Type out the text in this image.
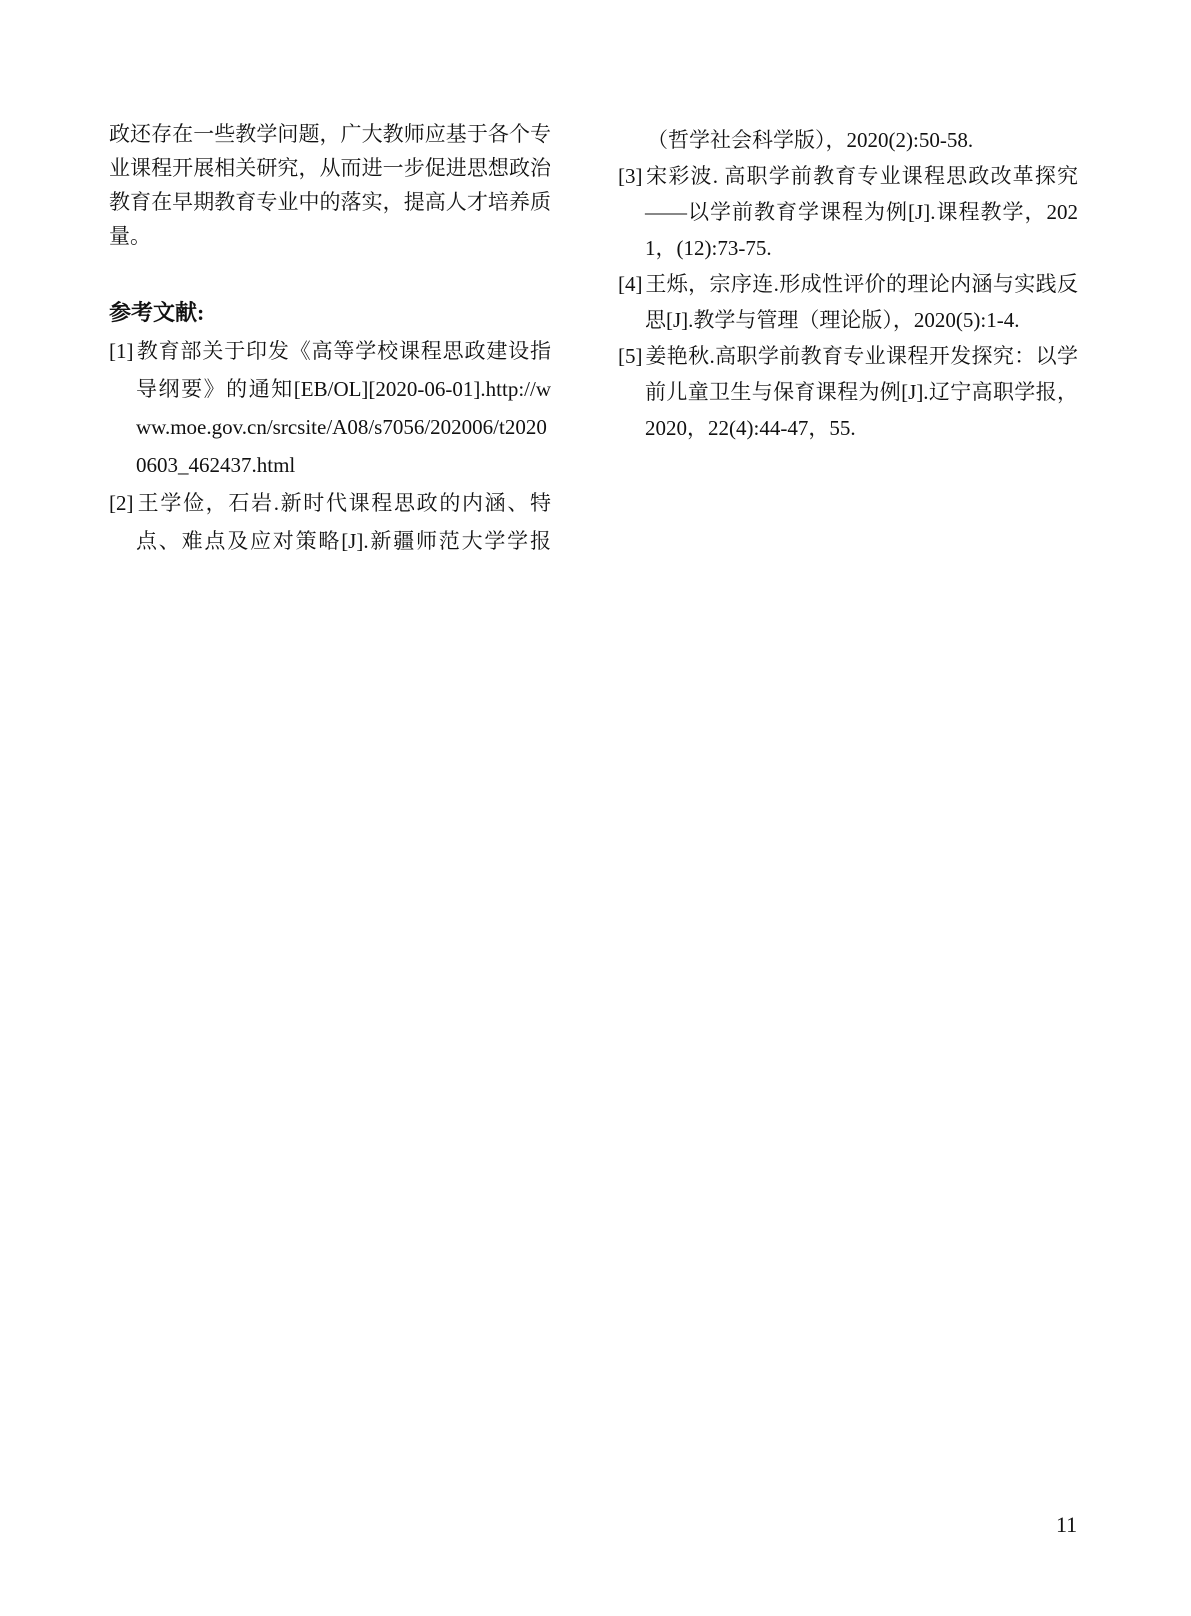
政还存在一些教学问题，广大教师应基于各个专业课程开展相关研究，从而进一步促进思想政治教育在早期教育专业中的落实，提高人才培养质量。

参考文献:

[1] 教育部关于印发《高等学校课程思政建设指导纲要》的通知[EB/OL][2020-06-01].http://www.moe.gov.cn/srcsite/A08/s7056/202006/t20200603_462437.html

[2] 王学俭，石岩.新时代课程思政的内涵、特点、难点及应对策略[J].新疆师范大学学报

（哲学社会科学版），2020(2):50-58.

[3] 宋彩波. 高职学前教育专业课程思政改革探究——以学前教育学课程为例[J].课程教学，2021，(12):73-75.

[4] 王烁，宗序连.形成性评价的理论内涵与实践反思[J].教学与管理（理论版），2020(5):1-4.

[5] 姜艳秋.高职学前教育专业课程开发探究：以学前儿童卫生与保育课程为例[J].辽宁高职学报，2020，22(4):44-47，55.

11
